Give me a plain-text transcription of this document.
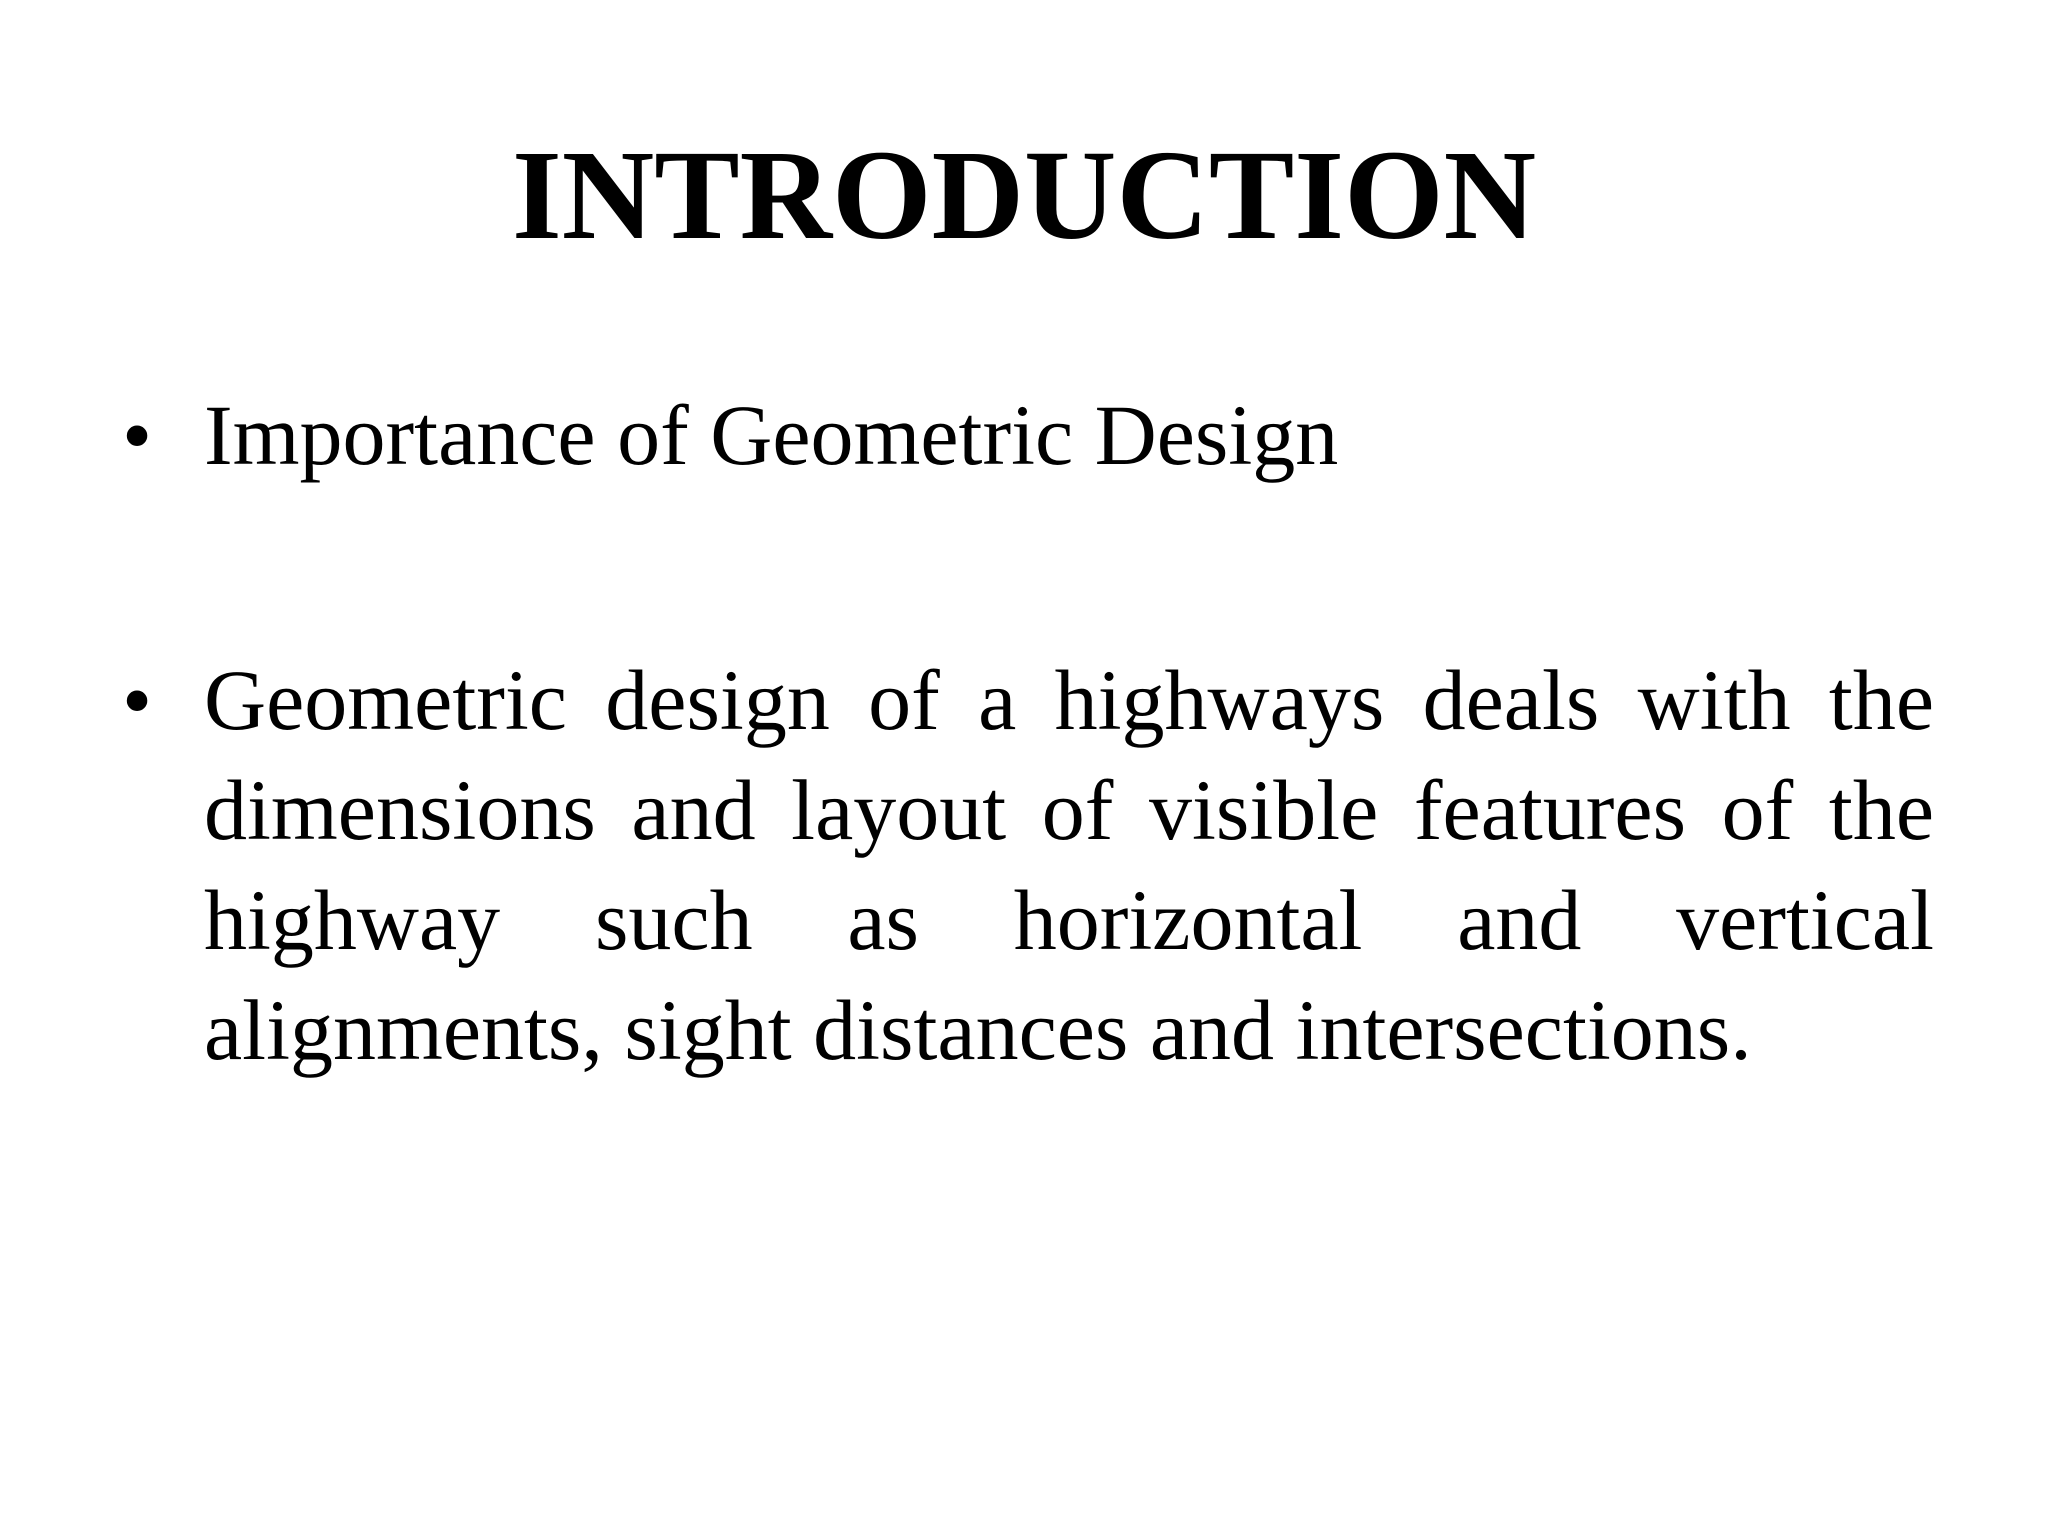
INTRODUCTION
• Importance of Geometric Design
• Geometric design of a highways deals with the dimensions and layout of visible features of the highway such as horizontal and vertical alignments, sight distances and intersections.
